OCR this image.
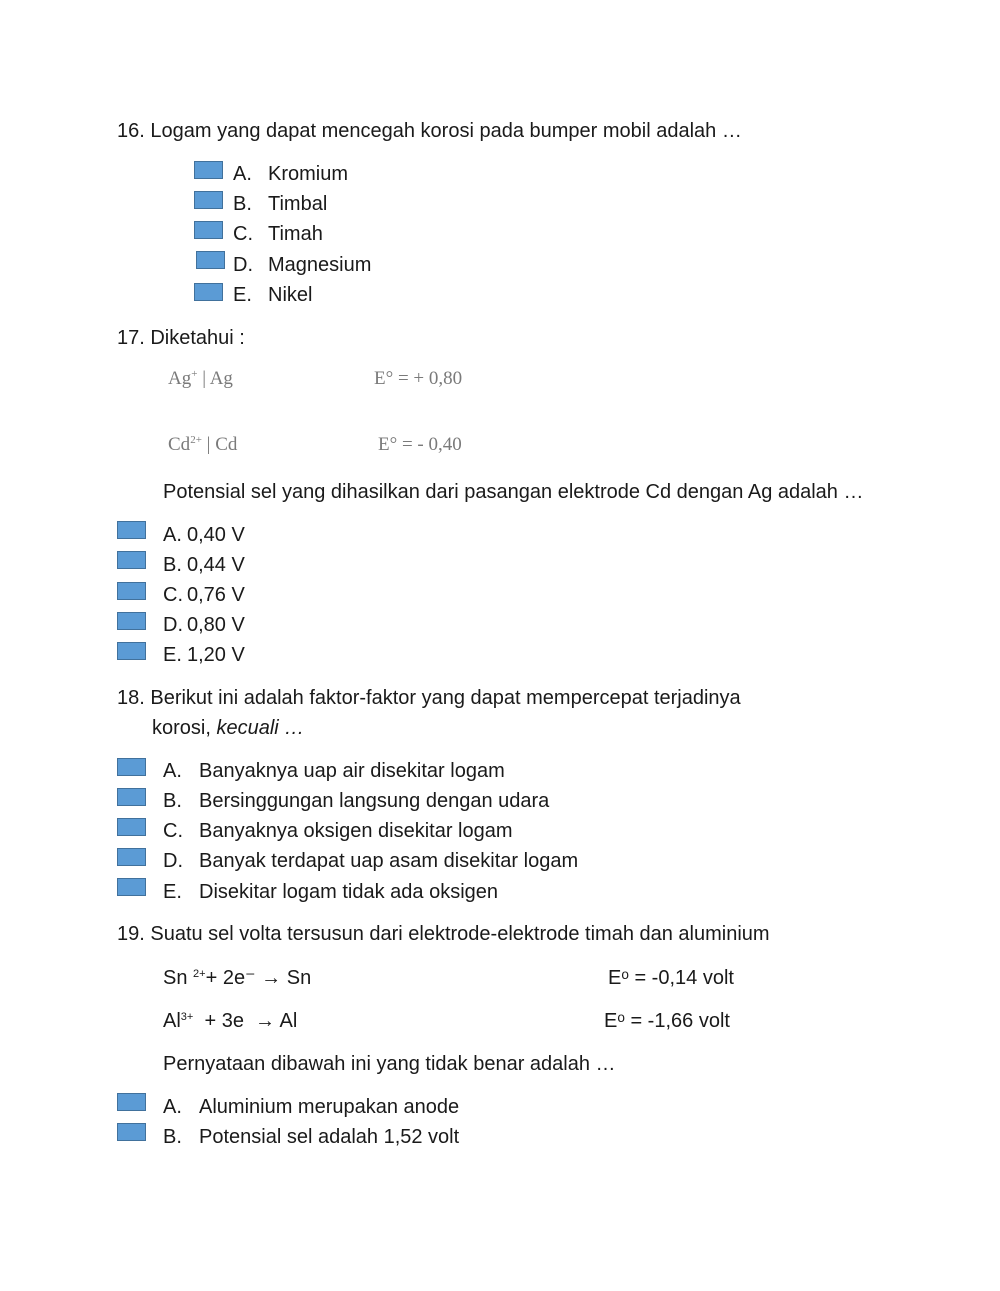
16. Logam yang dapat mencegah korosi pada bumper mobil adalah …
A. Kromium
B. Timbal
C. Timah
D. Magnesium
E. Nikel
17. Diketahui :
Ag+ | Ag	E° = + 0,80
$Cd^{2+}$ | Cd	E° = - 0,40
Potensial sel yang dihasilkan dari pasangan elektrode Cd dengan Ag adalah …
A. 0,40 V
B. 0,44 V
C. 0,76 V
D. 0,80 V
E. 1,20 V
18. Berikut ini adalah faktor-faktor yang dapat mempercepat terjadinya
korosi, kecuali …
A. Banyaknya uap air disekitar logam
B. Bersinggungan langsung dengan udara
C. Banyaknya oksigen disekitar logam
D. Banyak terdapat uap asam disekitar logam
E. Disekitar logam tidak ada oksigen
19. Suatu sel volta tersusun dari elektrode-elektrode timah dan aluminium
Sn $^{2+}$+ 2e⁻ → Sn	Eᵒ = -0,14 volt
$Al^{3+} + 3e \to Al$	Eᵒ = -1,66 volt
Pernyataan dibawah ini yang tidak benar adalah …
A. Aluminium merupakan anode
B. Potensial sel adalah 1,52 volt
